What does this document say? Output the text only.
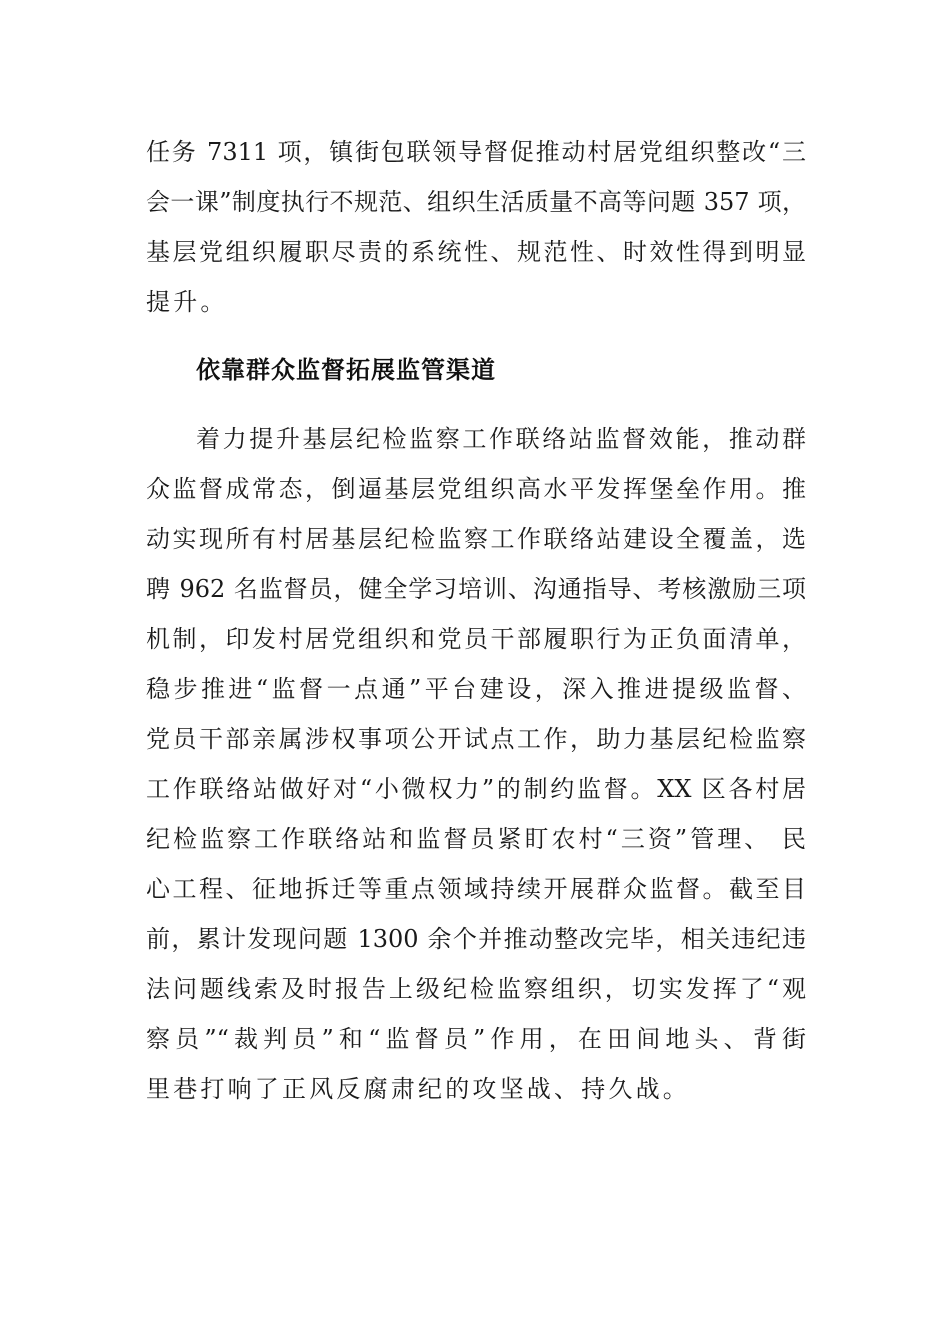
任务 7311 项，镇街包联领导督促推动村居党组织整改“三
会一课”制度执行不规范、组织生活质量不高等问题 357 项，
基层党组织履职尽责的系统性、规范性、时效性得到明显
提升。
依靠群众监督拓展监管渠道
着力提升基层纪检监察工作联络站监督效能，推动群
众监督成常态，倒逼基层党组织高水平发挥堡垒作用。推
动实现所有村居基层纪检监察工作联络站建设全覆盖，选
聘 962 名监督员，健全学习培训、沟通指导、考核激励三项
机制，印发村居党组织和党员干部履职行为正负面清单，
稳步推进“监督一点通”平台建设，深入推进提级监督、
党员干部亲属涉权事项公开试点工作，助力基层纪检监察
工作联络站做好对“小微权力”的制约监督。XX 区各村居
纪检监察工作联络站和监督员紧盯农村“三资”管理、 民
心工程、征地拆迁等重点领域持续开展群众监督。截至目
前，累计发现问题 1300 余个并推动整改完毕，相关违纪违
法问题线索及时报告上级纪检监察组织，切实发挥了“观
察员”“裁判员”和“监督员”作用，在田间地头、背街
里巷打响了正风反腐肃纪的攻坚战、持久战。
